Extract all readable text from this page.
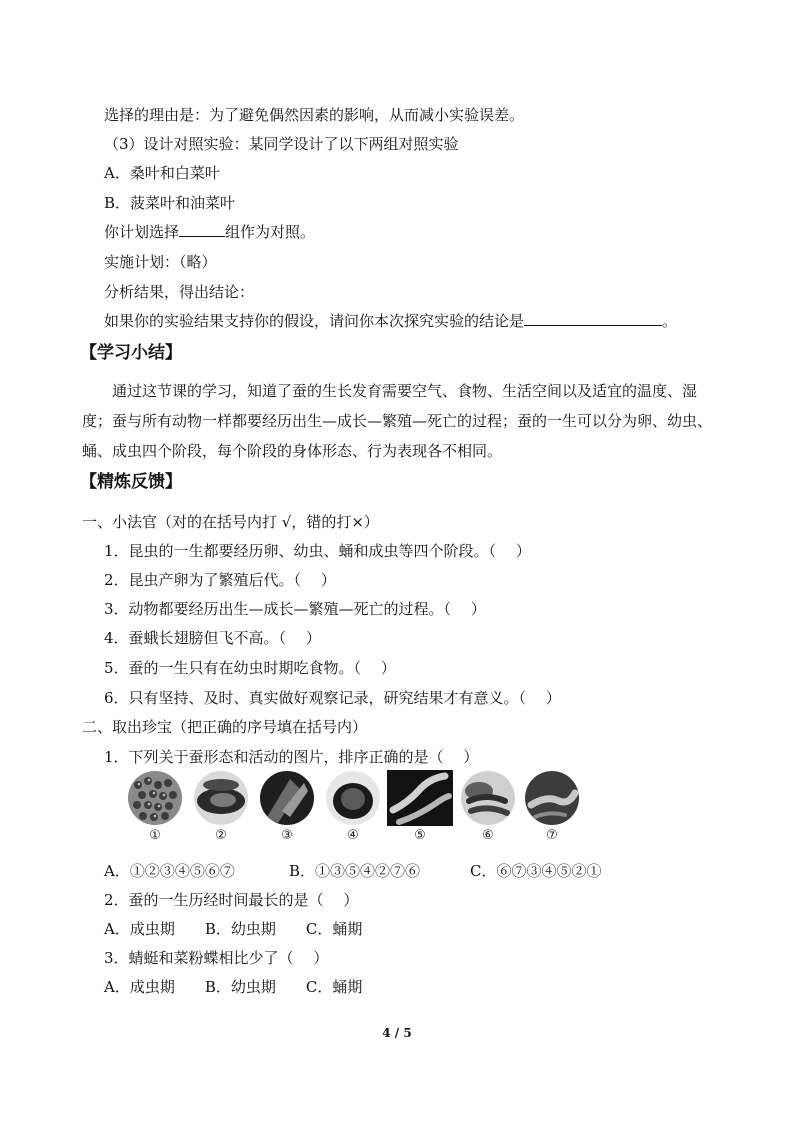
选择的理由是：为了避免偶然因素的影响，从而减小实验误差。
（3）设计对照实验：某同学设计了以下两组对照实验
A．桑叶和白菜叶
B．菠菜叶和油菜叶
你计划选择	组作为对照。
实施计划：（略）
分析结果，得出结论：
如果你的实验结果支持你的假设，请问你本次探究实验的结论是	。
【学习小结】
通过这节课的学习，知道了蚕的生长发育需要空气、食物、生活空间以及适宜的温度、湿度；蚕与所有动物一样都要经历出生—成长—繁殖—死亡的过程；蚕的一生可以分为卵、幼虫、蛹、成虫四个阶段，每个阶段的身体形态、行为表现各不相同。
【精炼反馈】
一、小法官（对的在括号内打 √，错的打×）
1．昆虫的一生都要经历卵、幼虫、蛹和成虫等四个阶段。（　 ）
2．昆虫产卵为了繁殖后代。（　 ）
3．动物都要经历出生—成长—繁殖—死亡的过程。（　 ）
4．蚕蛾长翅膀但飞不高。（　 ）
5．蚕的一生只有在幼虫时期吃食物。（　 ）
6．只有坚持、及时、真实做好观察记录，研究结果才有意义。（　 ）
二、取出珍宝（把正确的序号填在括号内）
1．下列关于蚕形态和活动的图片，排序正确的是（　 ）
①	②	③	④	⑤	⑥	⑦
A．①②③④⑤⑥⑦	B．①③⑤④②⑦⑥	C．⑥⑦③④⑤②①
2．蚕的一生历经时间最长的是（　 ）
A．成虫期　　B．幼虫期　　C．蛹期
3．蜻蜓和菜粉蝶相比少了（　 ）
A．成虫期　　B．幼虫期　　C．蛹期
4 / 5
